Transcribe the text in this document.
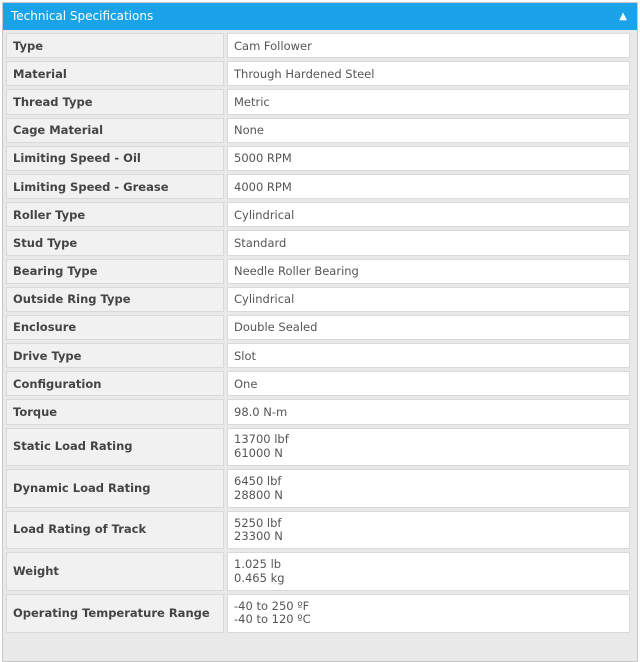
Technical Specifications	▲
Type	Cam Follower

Material	Through Hardened Steel

Thread Type	Metric

Cage Material	None

Limiting Speed - Oil	5000 RPM

Limiting Speed - Grease	4000 RPM

Roller Type	Cylindrical

Stud Type	Standard

Bearing Type	Needle Roller Bearing

Outside Ring Type	Cylindrical

Enclosure	Double Sealed

Drive Type	Slot

Configuration	One

Torque	98.0 N-m

Static Load Rating	13700 lbf
61000 N

Dynamic Load Rating	6450 lbf
28800 N

Load Rating of Track	5250 lbf
23300 N

Weight	1.025 lb
0.465 kg

Operating Temperature Range	-40 to 250 ºF
-40 to 120 ºC
